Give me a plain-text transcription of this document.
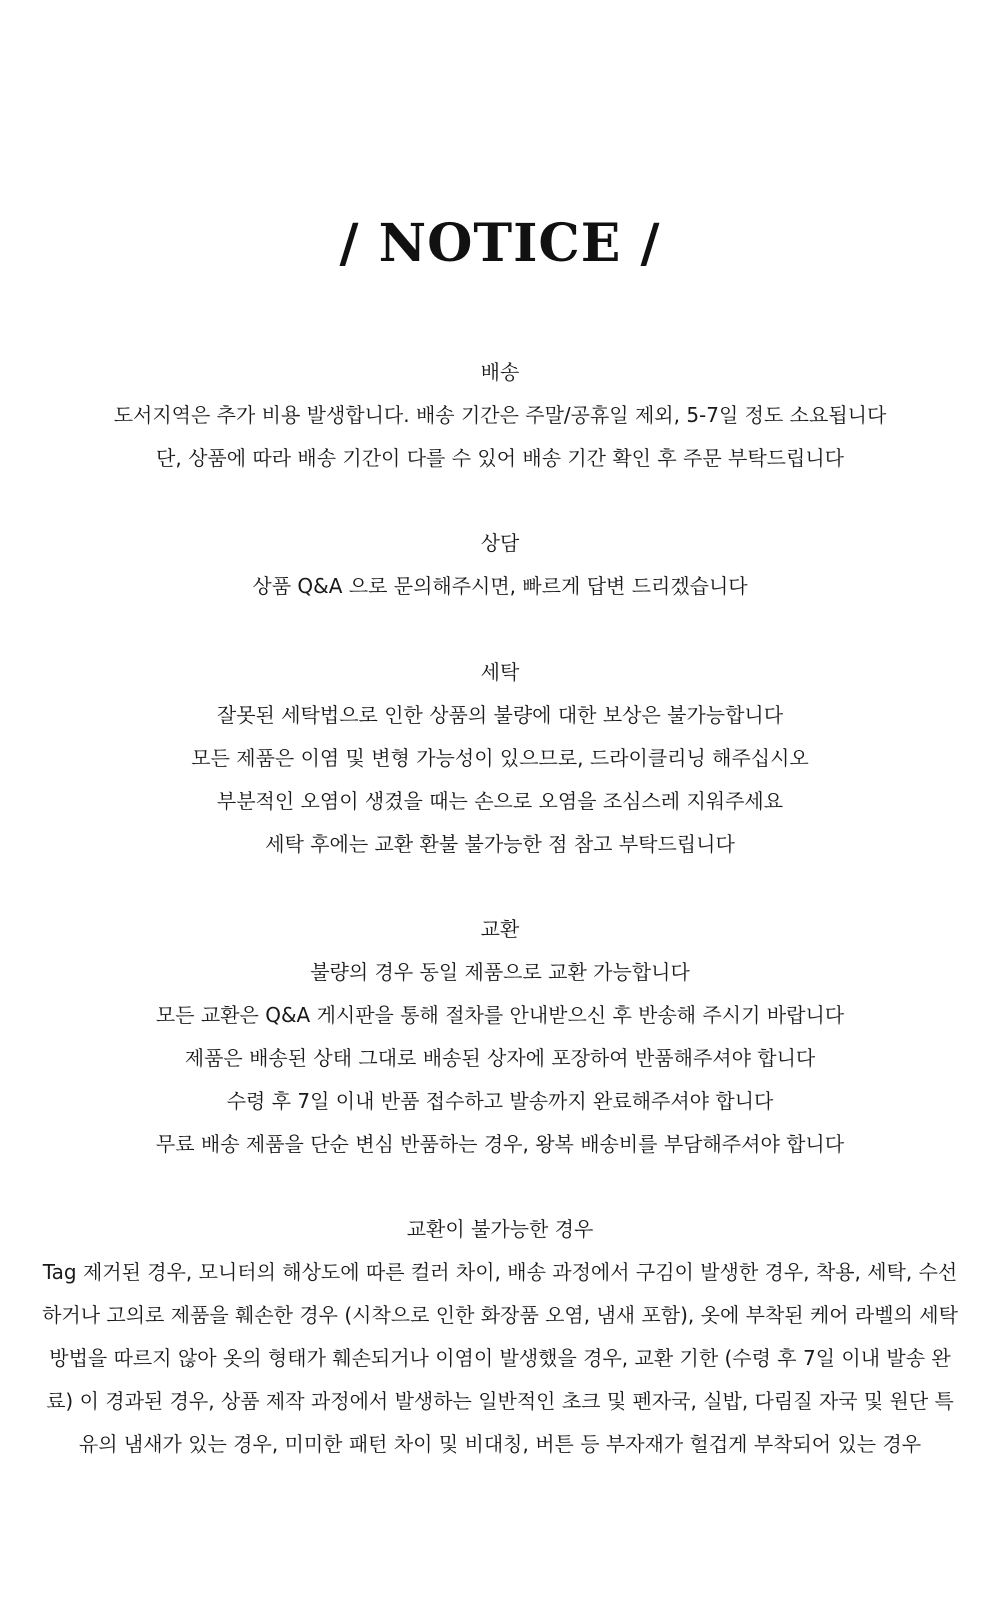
/ NOTICE /
배송

도서지역은 추가 비용 발생합니다. 배송 기간은 주말/공휴일 제외, 5-7일 정도 소요됩니다

단, 상품에 따라 배송 기간이 다를 수 있어 배송 기간 확인 후 주문 부탁드립니다

상담

상품 Q&A 으로 문의해주시면, 빠르게 답변 드리겠습니다

세탁

잘못된 세탁법으로 인한 상품의 불량에 대한 보상은 불가능합니다

모든 제품은 이염 및 변형 가능성이 있으므로, 드라이클리닝 해주십시오

부분적인 오염이 생겼을 때는 손으로 오염을 조심스레 지워주세요

세탁 후에는 교환 환불 불가능한 점 참고 부탁드립니다

교환

불량의 경우 동일 제품으로 교환 가능합니다

모든 교환은 Q&A 게시판을 통해 절차를 안내받으신 후 반송해 주시기 바랍니다

제품은 배송된 상태 그대로 배송된 상자에 포장하여 반품해주셔야 합니다

수령 후 7일 이내 반품 접수하고 발송까지 완료해주셔야 합니다

무료 배송 제품을 단순 변심 반품하는 경우, 왕복 배송비를 부담해주셔야 합니다

교환이 불가능한 경우

Tag 제거된 경우, 모니터의 해상도에 따른 컬러 차이, 배송 과정에서 구김이 발생한 경우, 착용, 세탁, 수선하거나 고의로 제품을 훼손한 경우 (시착으로 인한 화장품 오염, 냄새 포함), 옷에 부착된 케어 라벨의 세탁 방법을 따르지 않아 옷의 형태가 훼손되거나 이염이 발생했을 경우, 교환 기한 (수령 후 7일 이내 발송 완료) 이 경과된 경우, 상품 제작 과정에서 발생하는 일반적인 초크 및 펜자국, 실밥, 다림질 자국 및 원단 특유의 냄새가 있는 경우, 미미한 패턴 차이 및 비대칭, 버튼 등 부자재가 헐겁게 부착되어 있는 경우
